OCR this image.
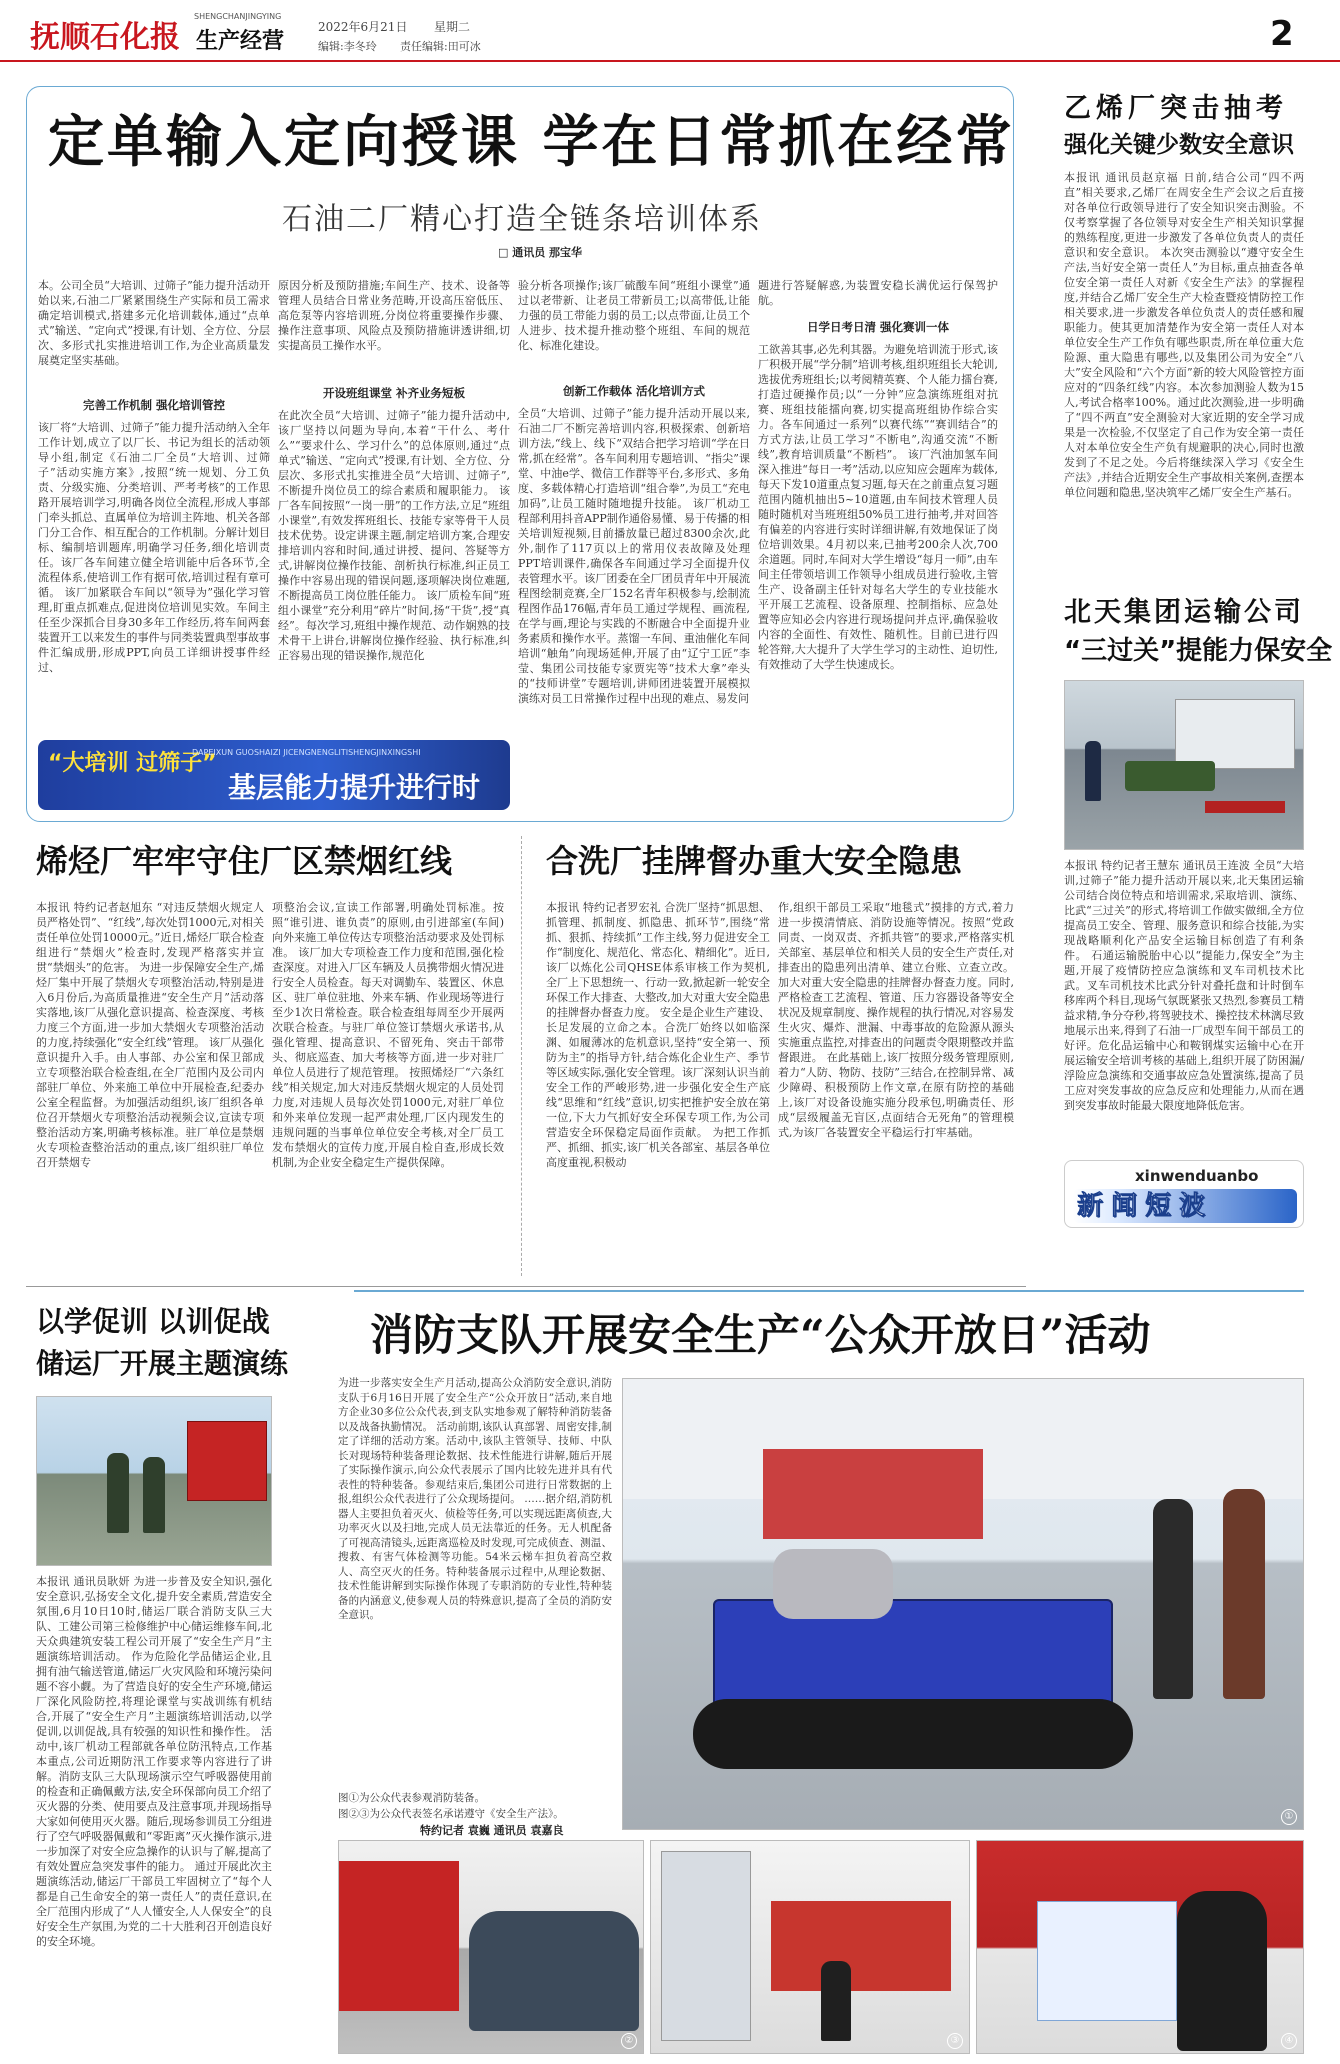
抚顺石化报
SHENGCHANJINGYING
生产经营
2022年6月21日 星期二
编辑:李冬玲 责任编辑:田可冰	2
定单输入定向授课 学在日常抓在经常
石油二厂精心打造全链条培训体系
□ 通讯员 那宝华
本。公司全员“大培训、过筛子”能力提升活动开始以来,石油二厂紧紧围绕生产实际和员工需求确定培训模式,搭建多元化培训载体,通过“点单式”输送、“定向式”授课,有计划、全方位、分层次、多形式扎实推进培训工作,为企业高质量发展奠定坚实基础。
完善工作机制 强化培训管控
该厂将“大培训、过筛子”能力提升活动纳入全年工作计划,成立了以厂长、书记为组长的活动领导小组,制定《石油二厂全员“大培训、过筛子”活动实施方案》,按照“统一规划、分工负责、分级实施、分类培训、严考考核”的工作思路开展培训学习,明确各岗位全流程,形成人事部门牵头抓总、直属单位为培训主阵地、机关各部门分工合作、相互配合的工作机制。分解计划目标、编制培训题库,明确学习任务,细化培训责任。该厂各车间建立健全培训能中后各环节,全流程体系,使培训工作有据可依,培训过程有章可循。 该厂加紧联合车间以“领导为”强化学习管理,盯重点抓难点,促进岗位培训见实效。车间主任至少深抓合目身30多年工作经历,将车间两套装置开工以来发生的事件与同类装置典型事故事件汇编成册,形成PPT,向员工详细讲授事件经过、
原因分析及预防措施;车间生产、技术、设备等管理人员结合日常业务范畴,开设高压窑低压、高危泵等内容培训班,分岗位将重要操作步骤、操作注意事项、风险点及预防措施讲透讲细,切实提高员工操作水平。
开设班组课堂 补齐业务短板
在此次全员“大培训、过筛子”能力提升活动中,该厂坚持以问题为导向,本着“干什么、考什么”“要求什么、学习什么”的总体原则,通过“点单式”输送、“定向式”授课,有计划、全方位、分层次、多形式扎实推进全员“大培训、过筛子”,不断提升岗位员工的综合素质和履职能力。 该厂各车间按照“一岗一册”的工作方法,立足“班组小课堂”,有效发挥班组长、技能专家等骨干人员技术优势。设定讲课主题,制定培训方案,合理安排培训内容和时间,通过讲授、提问、答疑等方式,讲解岗位操作技能、剖析执行标准,纠正员工操作中容易出现的错误问题,逐项解决岗位难题,不断提高员工岗位胜任能力。 该厂质检车间“班组小课堂”充分利用“碎片”时间,扬“干货”,授“真经”。每次学习,班组中操作规范、动作娴熟的技术骨干上讲台,讲解岗位操作经验、执行标准,纠正容易出现的错误操作,规范化
验分析各项操作;该厂硫酸车间“班组小课堂”通过以老带新、让老员工带新员工;以高带低,让能力强的员工带能力弱的员工;以点带面,让员工个人进步、技术提升推动整个班组、车间的规范化、标准化建设。
创新工作载体 活化培训方式
全员“大培训、过筛子”能力提升活动开展以来,石油二厂不断完善培训内容,积极探索、创新培训方法,“线上、线下”双结合把学习培训“学在日常,抓在经常”。各车间利用专题培训、“指尖”课堂、中油e学、微信工作群等平台,多形式、多角度、多载体精心打造培训“组合拳”,为员工“充电加码”,让员工随时随地提升技能。 该厂机动工程部利用抖音APP制作通俗易懂、易于传播的相关培训短视频,目前播放量已超过8300余次,此外,制作了117页以上的常用仪表故障及处理PPT培训课件,确保各车间通过学习全面提升仪表管理水平。该厂团委在全厂团员青年中开展流程图绘制竞赛,全厂152名青年积极参与,绘制流程图作品176幅,青年员工通过学规程、画流程,在学与画,理论与实践的不断融合中全面提升业务素质和操作水平。蒸馏一车间、重油催化车间培训“触角”向现场延伸,开展了由“辽宁工匠”李莹、集团公司技能专家贾宪等“技术大拿”牵头的“技师讲堂”专题培训,讲师团进装置开展模拟演练对员工日常操作过程中出现的难点、易发问
题进行答疑解惑,为装置安稳长满优运行保驾护航。
日学日考日清 强化赛训一体
工欲善其事,必先利其器。为避免培训流于形式,该厂积极开展“学分制”培训考核,组织班组长大轮训,选拔优秀班组长;以考阅精英赛、个人能力擂台赛,打造过硬操作员;以“一分钟”应急演练班组对抗赛、班组技能擂向赛,切实提高班组协作综合实力。各车间通过一系列“以赛代练”“赛训结合”的方式方法,让员工学习“不断电”,沟通交流“不断线”,教育培训质量“不断档”。 该厂汽油加氢车间深入推进“每日一考”活动,以应知应会题库为载体,每天下发10道重点复习题,每天在之前重点复习题范围内随机抽出5~10道题,由车间技术管理人员随时随机对当班班组50%员工进行抽考,并对回答有偏差的内容进行实时详细讲解,有效地保证了岗位培训效果。4月初以来,已抽考200余人次,700余道题。同时,车间对大学生增设“每月一师”,由车间主任带领培训工作领导小组成员进行验收,主管生产、设备副主任针对每名大学生的专业技能水平开展工艺流程、设备原理、控制指标、应急处置等应知必会内容进行现场提问并点评,确保验收内容的全面性、有效性、随机性。目前已进行四轮答辩,大大提升了大学生学习的主动性、迫切性,有效推动了大学生快速成长。
“大培训 过筛子”
DAPEIXUN GUOSHAIZI JICENGNENGLITISHENGJINXINGSHI
基层能力提升进行时
乙烯厂突击抽考
强化关键少数安全意识
本报讯 通讯员赵京福 日前,结合公司“四不两直”相关要求,乙烯厂在周安全生产会议之后直接对各单位行政领导进行了安全知识突击测验。不仅考察掌握了各位领导对安全生产相关知识掌握的熟练程度,更进一步激发了各单位负责人的责任意识和安全意识。 本次突击测验以“遵守安全生产法,当好安全第一责任人”为目标,重点抽查各单位安全第一责任人对新《安全生产法》的掌握程度,并结合乙烯厂安全生产大检查暨疫情防控工作相关要求,进一步激发各单位负责人的责任感和履职能力。使其更加清楚作为安全第一责任人对本单位安全生产工作负有哪些职责,所在单位重大危险源、重大隐患有哪些,以及集团公司为安全“八大”安全风险和“六个方面”新的较大风险管控方面应对的“四条红线”内容。本次参加测验人数为15人,考试合格率100%。通过此次测验,进一步明确了“四不两直”安全测验对大家近期的安全学习成果是一次检验,不仅坚定了自己作为安全第一责任人对本单位安全生产负有规避职的决心,同时也激发到了不足之处。今后将继续深入学习《安全生产法》,并结合近期安全生产事故相关案例,查摆本单位问题和隐患,坚决筑牢乙烯厂安全生产基石。
北天集团运输公司
“三过关”提能力保安全
本报讯 特约记者王慧东 通讯员王连波 全员“大培训,过筛子”能力提升活动开展以来,北天集团运输公司结合岗位特点和培训需求,采取培训、演练、比武“三过关”的形式,将培训工作做实做细,全方位提高员工安全、管理、服务意识和综合技能,为实现战略顺利化产品安全运输目标创造了有利条件。 石通运输脱胎中心以“提能力,保安全”为主题,开展了疫情防控应急演练和叉车司机技术比武。叉车司机技术比武分针对叠托盘和计时倒车移库两个科目,现场气氛既紧张又热烈,参赛员工精益求精,争分夺秒,将驾驶技术、操控技术林漓尽致地展示出来,得到了石油一厂成型车间干部员工的好评。危化品运输中心和鞍钢煤实运输中心在开展运输安全培训考核的基础上,组织开展了防困漏/浮险应急演练和交通事故应急处置演练,提高了员工应对突发事故的应急反应和处理能力,从而在遇到突发事故时能最大限度地降低危害。
xinwenduanbo
新闻短波
烯烃厂牢牢守住厂区禁烟红线
本报讯 特约记者赵旭东 “对违反禁烟火规定人员严格处罚”、“红线”,每次处罚1000元,对相关责任单位处罚10000元。”近日,烯烃厂联合检查组进行“禁烟火”检查时,发现严格落实并宣贯“禁烟头”的危害。 为进一步保障安全生产,烯烃厂集中开展了禁烟火专项整治活动,特别是进入6月份后,为高质量推进“安全生产月”活动落实落地,该厂从强化意识提高、检查深度、考核力度三个方面,进一步加大禁烟火专项整治活动的力度,持续强化“安全红线”管理。 该厂从强化意识提升入手。由人事部、办公室和保卫部成立专项整治联合检查组,在全厂范围内及公司内部驻厂单位、外来施工单位中开展检查,纪委办公室全程监督。为加强活动组织,该厂组织各单位召开禁烟火专项整治活动视频会议,宣读专项整治活动方案,明确考核标准。驻厂单位是禁烟火专项检查整治活动的重点,该厂组织驻厂单位召开禁烟专
项整治会议,宣读工作部署,明确处罚标准。按照“谁引进、谁负责”的原则,由引进部室(车间)向外来施工单位传达专项整治活动要求及处罚标准。 该厂加大专项检查工作力度和范围,强化检查深度。对进入厂区车辆及人员携带烟火情况进行安全人员检查。每天对调勤车、装置区、休息区、驻厂单位驻地、外来车辆、作业现场等进行至少1次日常检查。联合检查组每周至少开展两次联合检查。与驻厂单位签订禁烟火承诺书,从强化管理、提高意识、不留死角、突击干部带头、彻底巡查、加大考核等方面,进一步对驻厂单位人员进行了规范管理。 按照烯烃厂“六条红线”相关规定,加大对违反禁烟火规定的人员处罚力度,对违规人员每次处罚1000元,对驻厂单位和外来单位发现一起严肃处理,厂区内现发生的违规问题的当事单位单位安全考核,对全厂员工发布禁烟火的宣传力度,开展自检自查,形成长效机制,为企业安全稳定生产提供保障。
合洗厂挂牌督办重大安全隐患
本报讯 特约记者罗宏礼 合洗厂坚持“抓思想、抓管理、抓制度、抓隐患、抓环节”,围绕“常抓、狠抓、持续抓”工作主线,努力促进安全工作“制度化、规范化、常态化、精细化”。近日,该厂以炼化公司QHSE体系审核工作为契机,全厂上下思想统一、行动一致,掀起新一轮安全环保工作大排查、大整改,加大对重大安全隐患的挂牌督办督查力度。 安全是企业生产建设、长足发展的立命之本。合洗厂始终以如临深渊、如履薄冰的危机意识,坚持“安全第一、预防为主”的指导方针,结合炼化企业生产、季节等区域实际,强化安全管理。该厂深刻认识当前安全工作的严峻形势,进一步强化安全生产底线“思维和“红线”意识,切实把推护安全放在第一位,下大力气抓好安全环保专项工作,为公司营造安全环保稳定局面作贡献。 为把工作抓严、抓细、抓实,该厂机关各部室、基层各单位高度重视,积极动
作,组织干部员工采取“地毯式”摸排的方式,着力进一步摸清情底、消防设施等情况。按照“党政同责、一岗双责、齐抓共管”的要求,严格落实机关部室、基层单位和相关人员的安全生产责任,对排查出的隐患列出清单、建立台账、立查立改。加大对重大安全隐患的挂牌督办督查力度。同时,严格检查工艺流程、管道、压力容器设备等安全状况及规章制度、操作规程的执行情况,对容易发生火灾、爆炸、泄漏、中毒事故的危险源从源头实施重点监控,对排查出的问题责令限期整改并监督跟进。 在此基础上,该厂按照分级务管理原则,着力“人防、物防、技防”三结合,在控制异常、减少障碍、积极预防上作文章,在原有防控的基础上,该厂对设备设施实施分段承包,明确责任、形成“层级履盖无盲区,点面结合无死角”的管理模式,为该厂各装置安全平稳运行打牢基础。
以学促训 以训促战
储运厂开展主题演练
本报讯 通讯员耿妍 为进一步普及安全知识,强化安全意识,弘扬安全文化,提升安全素质,营造安全氛围,6月10日10时,储运厂联合消防支队三大队、工建公司第三检修维护中心储运维修车间,北天众典建筑安装工程公司开展了“安全生产月”主题演练培训活动。 作为危险化学品储运企业,且拥有油气输送管道,储运厂火灾风险和环境污染问题不容小觑。为了营造良好的安全生产环境,储运厂深化风险防控,将理论课堂与实战训练有机结合,开展了“安全生产月”主题演练培训活动,以学促训,以训促战,具有较强的知识性和操作性。 活动中,该厂机动工程部就各单位防汛特点,工作基本重点,公司近期防汛工作要求等内容进行了讲解。消防支队三大队现场演示空气呼吸器使用前的检查和正确佩戴方法,安全环保部向员工介绍了灭火器的分类、使用要点及注意事项,并现场指导大家如何使用灭火器。随后,现场参训员工分组进行了空气呼吸器佩戴和“零距离”灭火操作演示,进一步加深了对安全应急操作的认识与了解,提高了有效处置应急突发事件的能力。 通过开展此次主题演练活动,储运厂干部员工牢固树立了“每个人都是自己生命安全的第一责任人”的责任意识,在全厂范围内形成了“人人懂安全,人人保安全”的良好安全生产氛围,为党的二十大胜利召开创造良好的安全环境。
消防支队开展安全生产“公众开放日”活动
为进一步落实安全生产月活动,提高公众消防安全意识,消防支队于6月16日开展了安全生产“公众开放日”活动,来自地方企业30多位公众代表,到支队实地参观了解特种消防装备以及战备执勤情况。 活动前期,该队认真部署、周密安排,制定了详细的活动方案。活动中,该队主管领导、技师、中队长对现场特种装备理论数据、技术性能进行讲解,随后开展了实际操作演示,向公众代表展示了国内比较先进并具有代表性的特种装备。参观结束后,集团公司进行日常数据的上报,组织公众代表进行了公众现场提问。 ……据介绍,消防机器人主要担负着灭火、侦检等任务,可以实现远距离侦查,大功率灭火以及扫地,完成人员无法靠近的任务。无人机配备了可视高清镜头,远距离巡检及时发现,可完成侦查、测温、搜救、有害气体检测等功能。54米云梯车担负着高空救人、高空灭火的任务。特种装备展示过程中,从理论数据、技术性能讲解到实际操作体现了专职消防的专业性,特种装备的内涵意义,使参观人员的特殊意识,提高了全员的消防安全意识。
图①为公众代表参观消防装备。
图②③为公众代表签名承诺遵守《安全生产法》。
特约记者 袁巍 通讯员 袁嘉良
①
②	③	④
